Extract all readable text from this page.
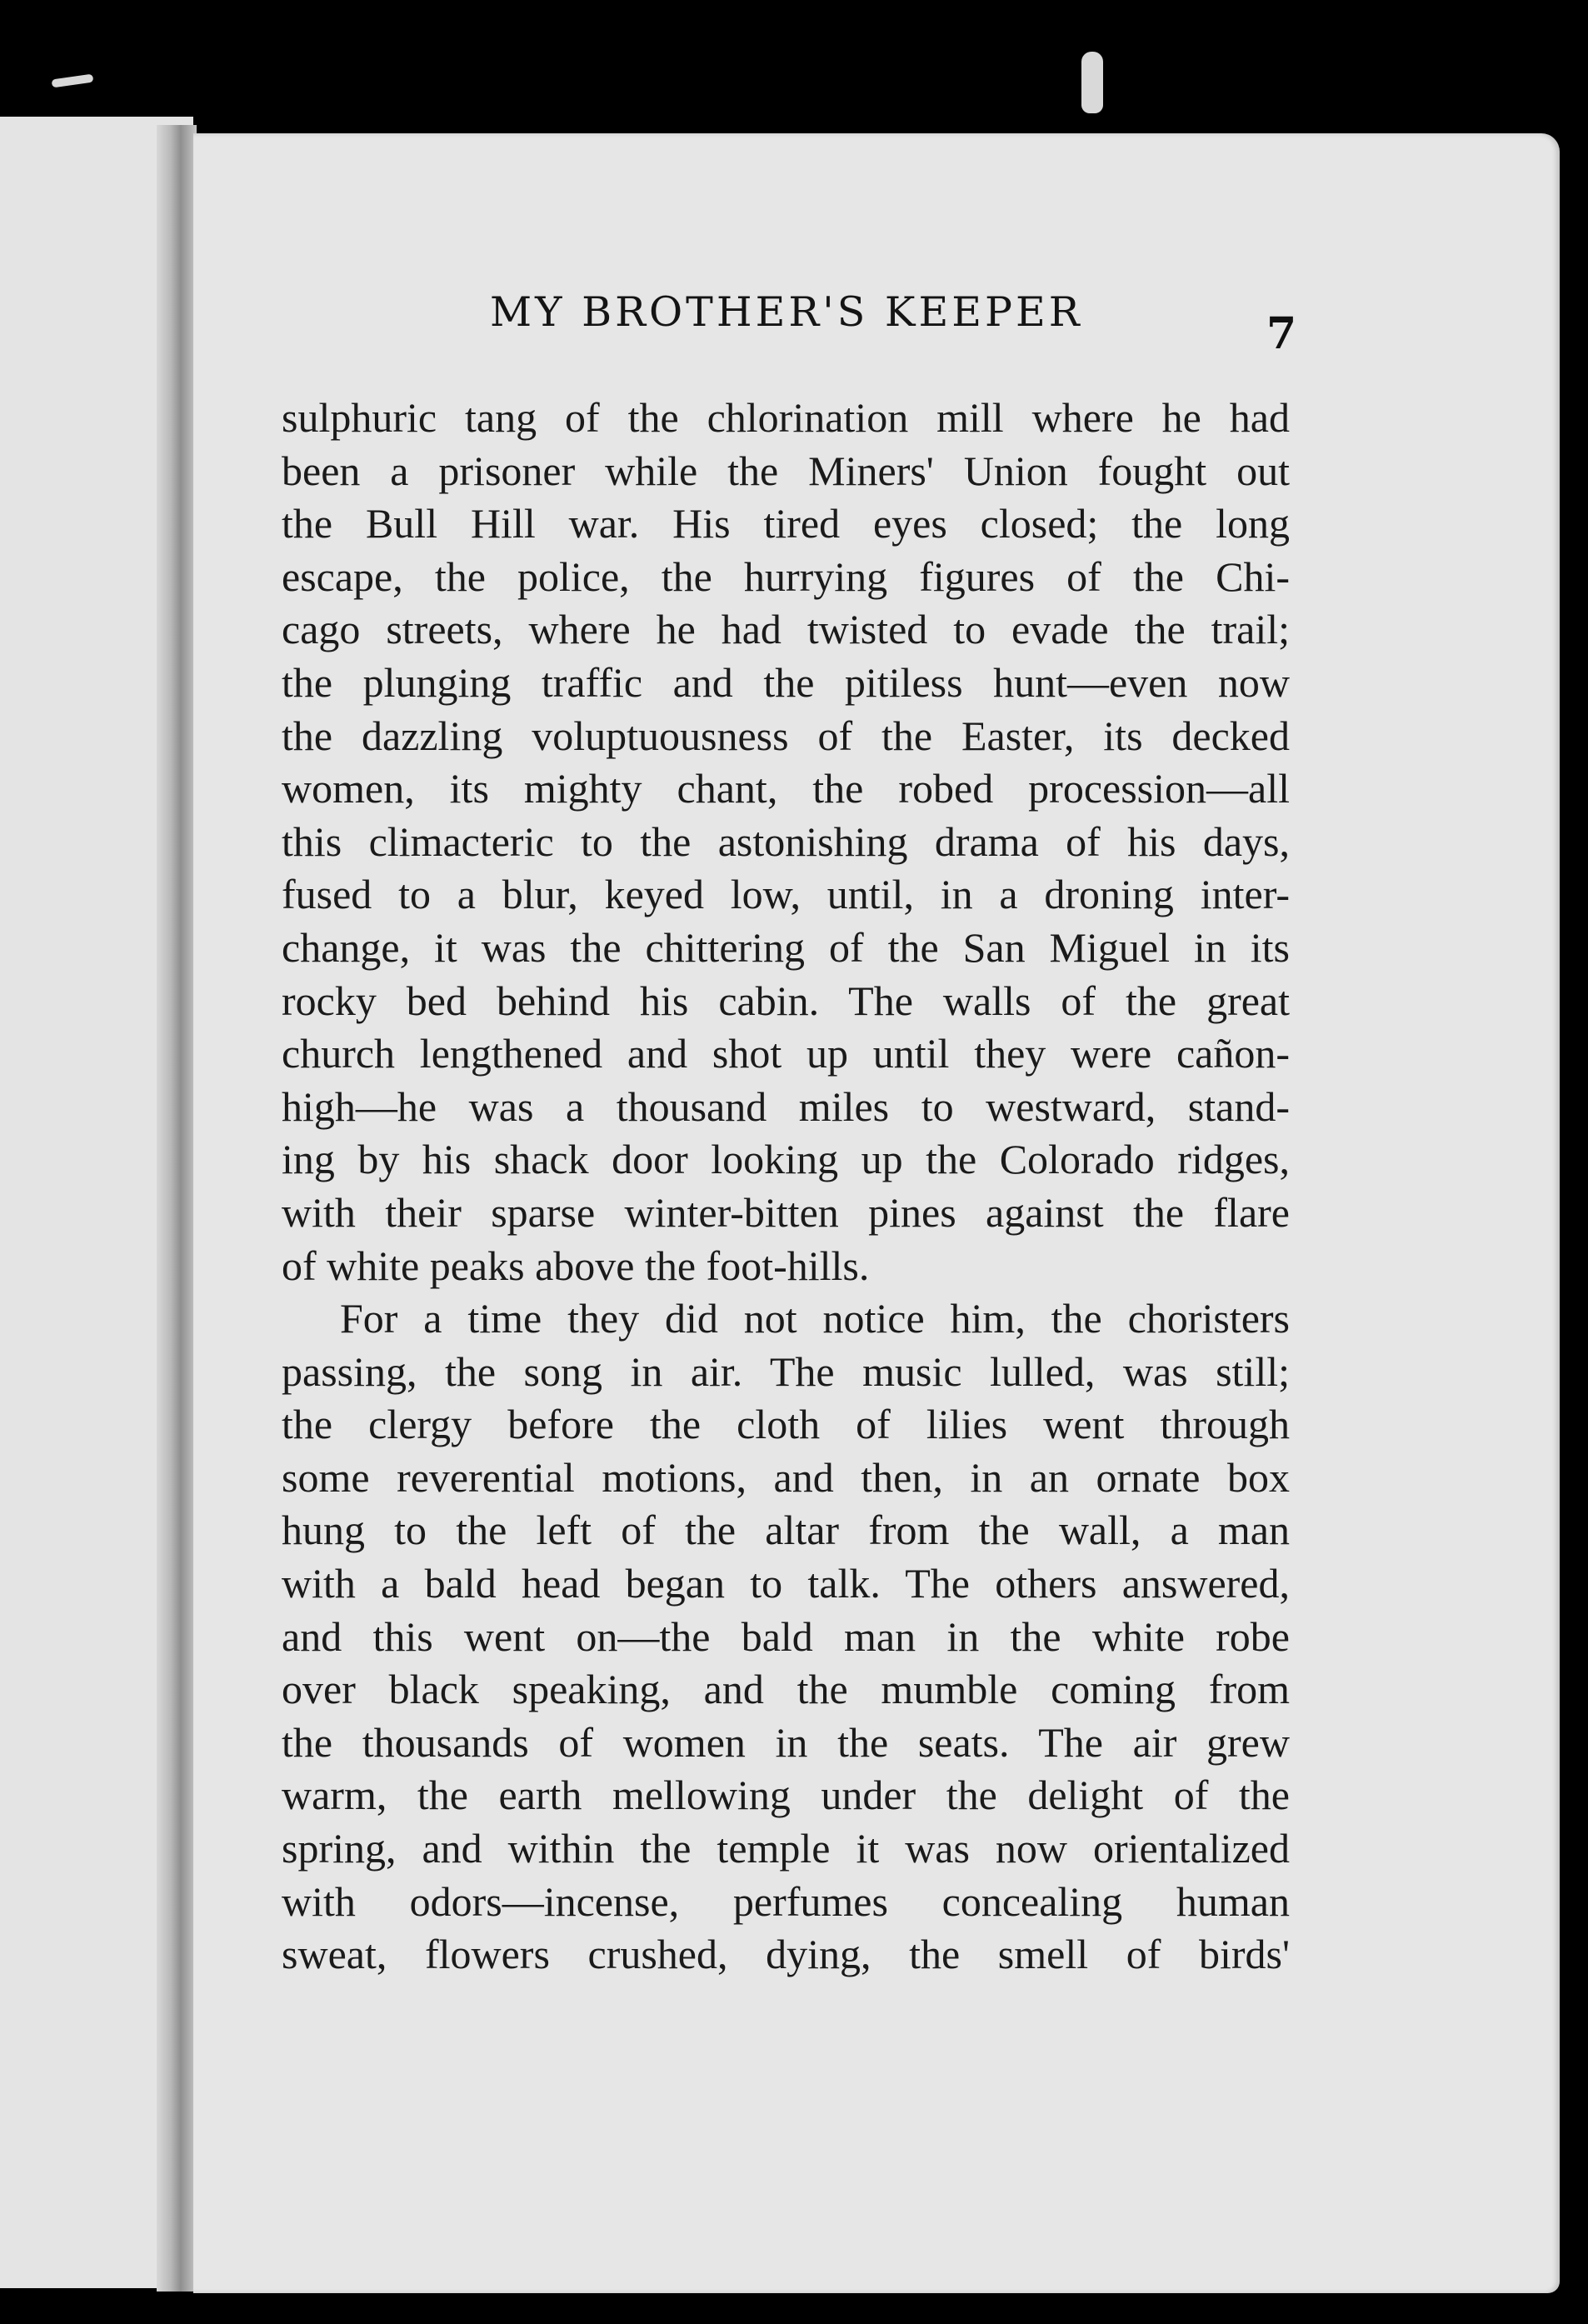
MY BROTHER'S KEEPER	7
sulphuric tang of the chlorination mill where he had
been a prisoner while the Miners' Union fought out
the Bull Hill war. His tired eyes closed; the long
escape, the police, the hurrying figures of the Chi-
cago streets, where he had twisted to evade the trail;
the plunging traffic and the pitiless hunt—even now
the dazzling voluptuousness of the Easter, its decked
women, its mighty chant, the robed procession—all
this climacteric to the astonishing drama of his days,
fused to a blur, keyed low, until, in a droning inter-
change, it was the chittering of the San Miguel in its
rocky bed behind his cabin. The walls of the great
church lengthened and shot up until they were cañon-
high—he was a thousand miles to westward, stand-
ing by his shack door looking up the Colorado ridges,
with their sparse winter-bitten pines against the flare
of white peaks above the foot-hills.
For a time they did not notice him, the choristers
passing, the song in air. The music lulled, was still;
the clergy before the cloth of lilies went through
some reverential motions, and then, in an ornate box
hung to the left of the altar from the wall, a man
with a bald head began to talk. The others answered,
and this went on—the bald man in the white robe
over black speaking, and the mumble coming from
the thousands of women in the seats. The air grew
warm, the earth mellowing under the delight of the
spring, and within the temple it was now orientalized
with odors—incense, perfumes concealing human
sweat, flowers crushed, dying, the smell of birds'
